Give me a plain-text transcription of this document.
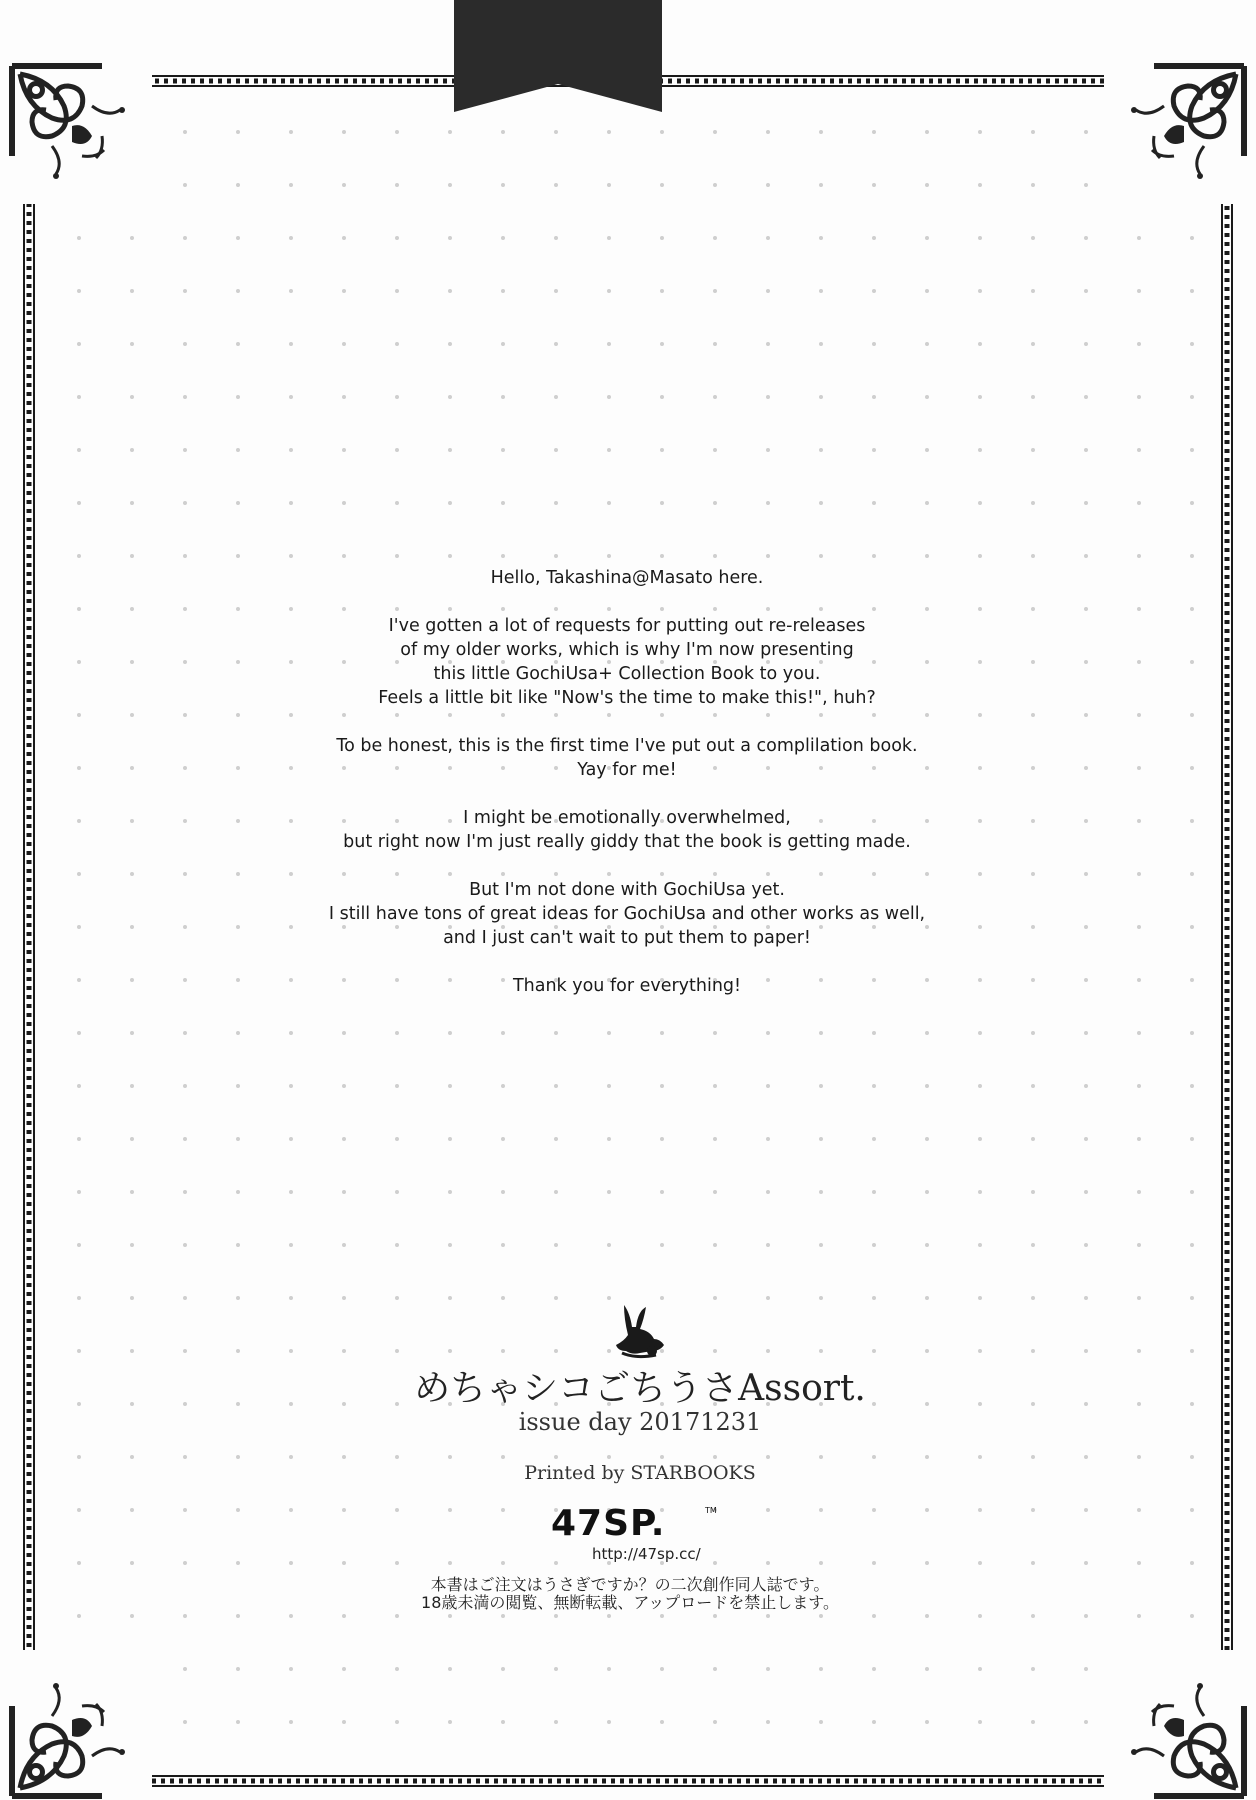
Hello, Takashina@Masato here.

I've gotten a lot of requests for putting out re-releases
of my older works, which is why I'm now presenting
this little GochiUsa+ Collection Book to you.
Feels a little bit like "Now's the time to make this!", huh?

To be honest, this is the first time I've put out a complilation book.
Yay for me!

I might be emotionally overwhelmed,
but right now I'm just really giddy that the book is getting made.

But I'm not done with GochiUsa yet.
I still have tons of great ideas for GochiUsa and other works as well,
and I just can't wait to put them to paper!

Thank you for everything!

めちゃシコごちうさAssort.
issue day 20171231
Printed by STARBOOKS
47SP.	TM
http://47sp.cc/
本書はご注文はうさぎですか？の二次創作同人誌です。
18歳未満の閲覧、無断転載、アップロードを禁止します。
